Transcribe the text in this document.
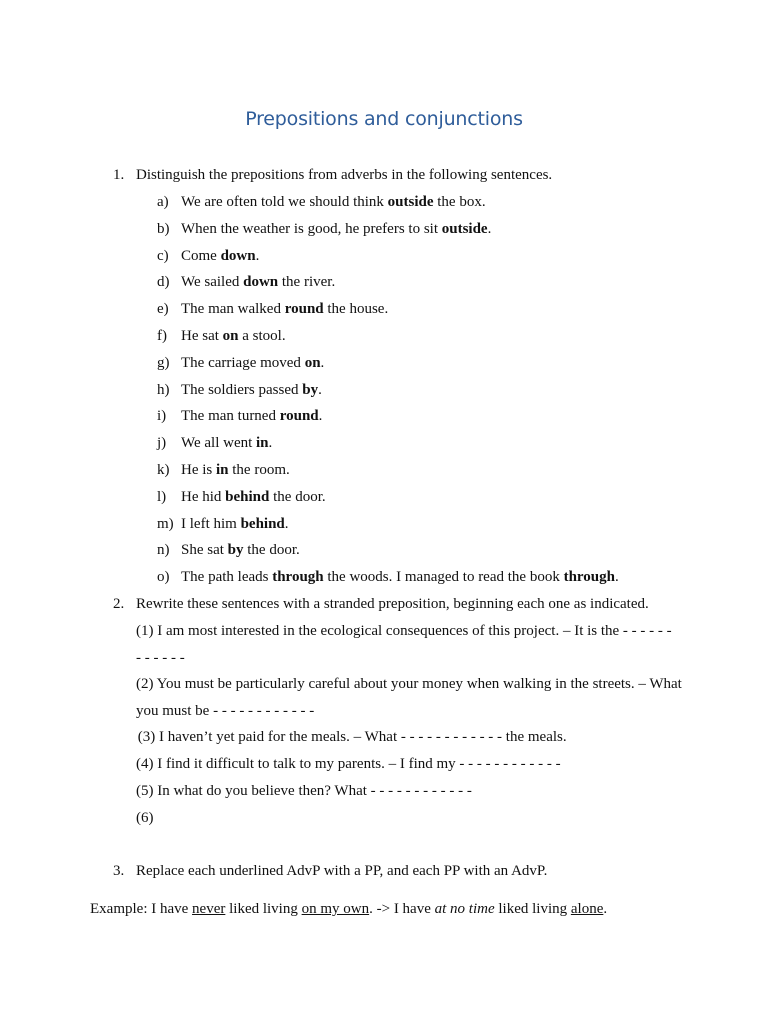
Prepositions and conjunctions
1. Distinguish the prepositions from adverbs in the following sentences.
a) We are often told we should think outside the box.
b) When the weather is good, he prefers to sit outside.
c) Come down.
d) We sailed down the river.
e) The man walked round the house.
f) He sat on a stool.
g) The carriage moved on.
h) The soldiers passed by.
i) The man turned round.
j) We all went in.
k) He is in the room.
l) He hid behind the door.
m) I left him behind.
n) She sat by the door.
o) The path leads through the woods. I managed to read the book through.
2. Rewrite these sentences with a stranded preposition, beginning each one as indicated.
(1) I am most interested in the ecological consequences of this project. – It is the - - - - - -
- - - - - -
(2) You must be particularly careful about your money when walking in the streets. – What
you must be - - - - - - - - - - - -
(3) I haven’t yet paid for the meals. – What - - - - - - - - - - - - the meals.
(4) I find it difficult to talk to my parents. – I find my - - - - - - - - - - - -
(5) In what do you believe then? What - - - - - - - - - - - -
(6)
3. Replace each underlined AdvP with a PP, and each PP with an AdvP.
Example: I have never liked living on my own. -> I have at no time liked living alone.
